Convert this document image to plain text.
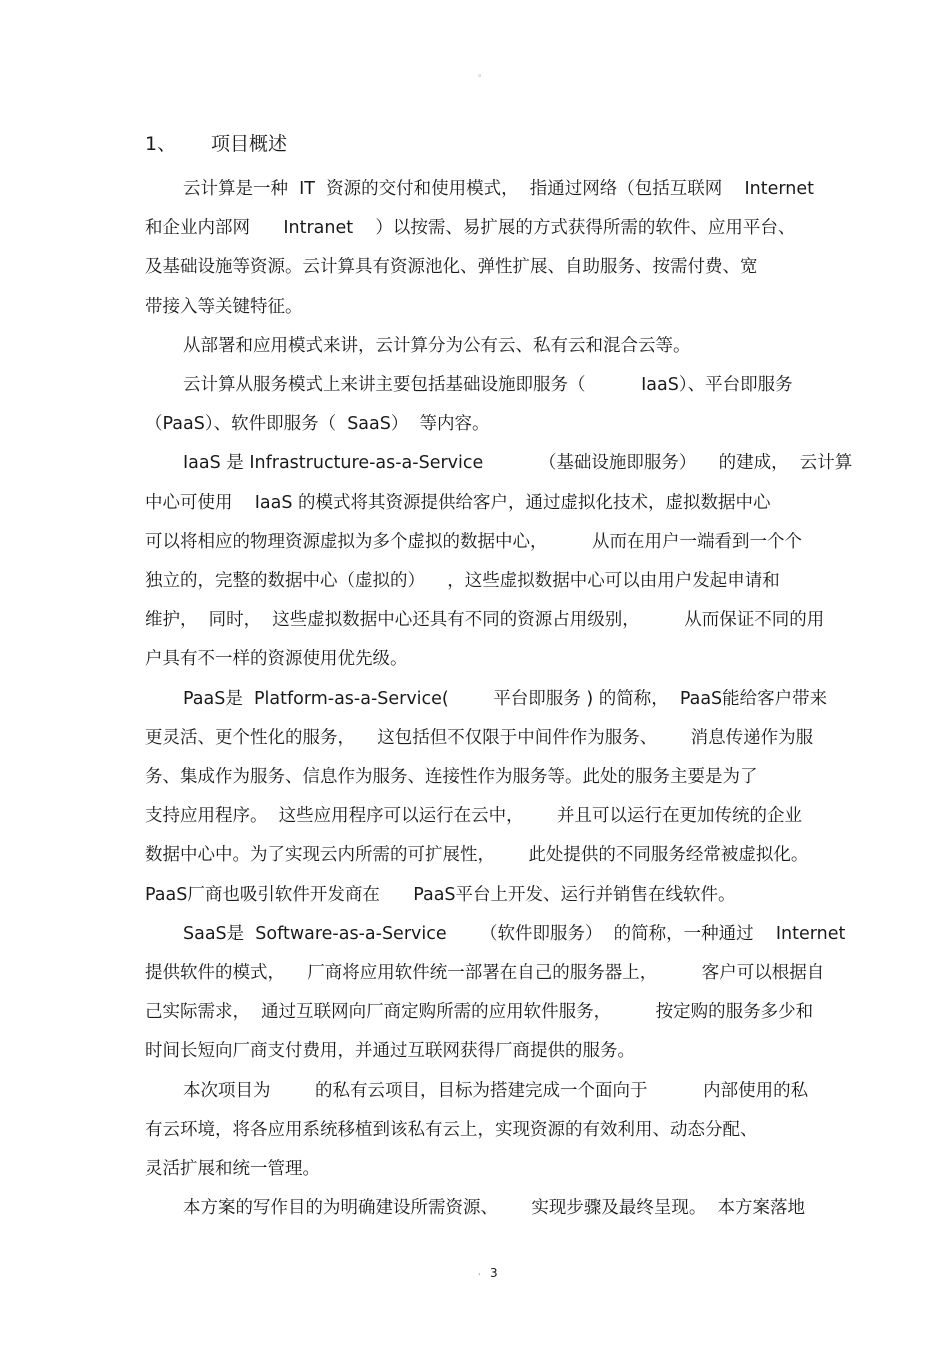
。
1、 项目概述
云计算是一种  IT  资源的交付和使用模式，  指通过网络（包括互联网    Internet
和企业内部网      Intranet    ）以按需、易扩展的方式获得所需的软件、应用平台、
及基础设施等资源。云计算具有资源池化、弹性扩展、自助服务、按需付费、宽
带接入等关键特征。
从部署和应用模式来讲，云计算分为公有云、私有云和混合云等。
云计算从服务模式上来讲主要包括基础设施即服务（          IaaS）、平台即服务
（PaaS）、软件即服务（  SaaS）  等内容。
IaaS 是 Infrastructure-as-a-Service          （基础设施即服务）    的建成，  云计算
中心可使用    IaaS 的模式将其资源提供给客户，通过虚拟化技术，虚拟数据中心
可以将相应的物理资源虚拟为多个虚拟的数据中心，        从而在用户一端看到一个个
独立的，完整的数据中心（虚拟的）    ，这些虚拟数据中心可以由用户发起申请和
维护，  同时，  这些虚拟数据中心还具有不同的资源占用级别，        从而保证不同的用
户具有不一样的资源使用优先级。
PaaS是  Platform-as-a-Service(        平台即服务 ) 的简称，  PaaS能给客户带来
更灵活、更个性化的服务，    这包括但不仅限于中间件作为服务、      消息传递作为服
务、集成作为服务、信息作为服务、连接性作为服务等。此处的服务主要是为了
支持应用程序。  这些应用程序可以运行在云中，      并且可以运行在更加传统的企业
数据中心中。为了实现云内所需的可扩展性，      此处提供的不同服务经常被虚拟化。
PaaS厂商也吸引软件开发商在      PaaS平台上开发、运行并销售在线软件。
SaaS是  Software-as-a-Service      （软件即服务）  的简称，一种通过    Internet
提供软件的模式，    厂商将应用软件统一部署在自己的服务器上，        客户可以根据自
己实际需求，  通过互联网向厂商定购所需的应用软件服务，        按定购的服务多少和
时间长短向厂商支付费用，并通过互联网获得厂商提供的服务。
本次项目为        的私有云项目，目标为搭建完成一个面向于          内部使用的私
有云环境，将各应用系统移植到该私有云上，实现资源的有效利用、动态分配、
灵活扩展和统一管理。
本方案的写作目的为明确建设所需资源、      实现步骤及最终呈现。  本方案落地
， 3
